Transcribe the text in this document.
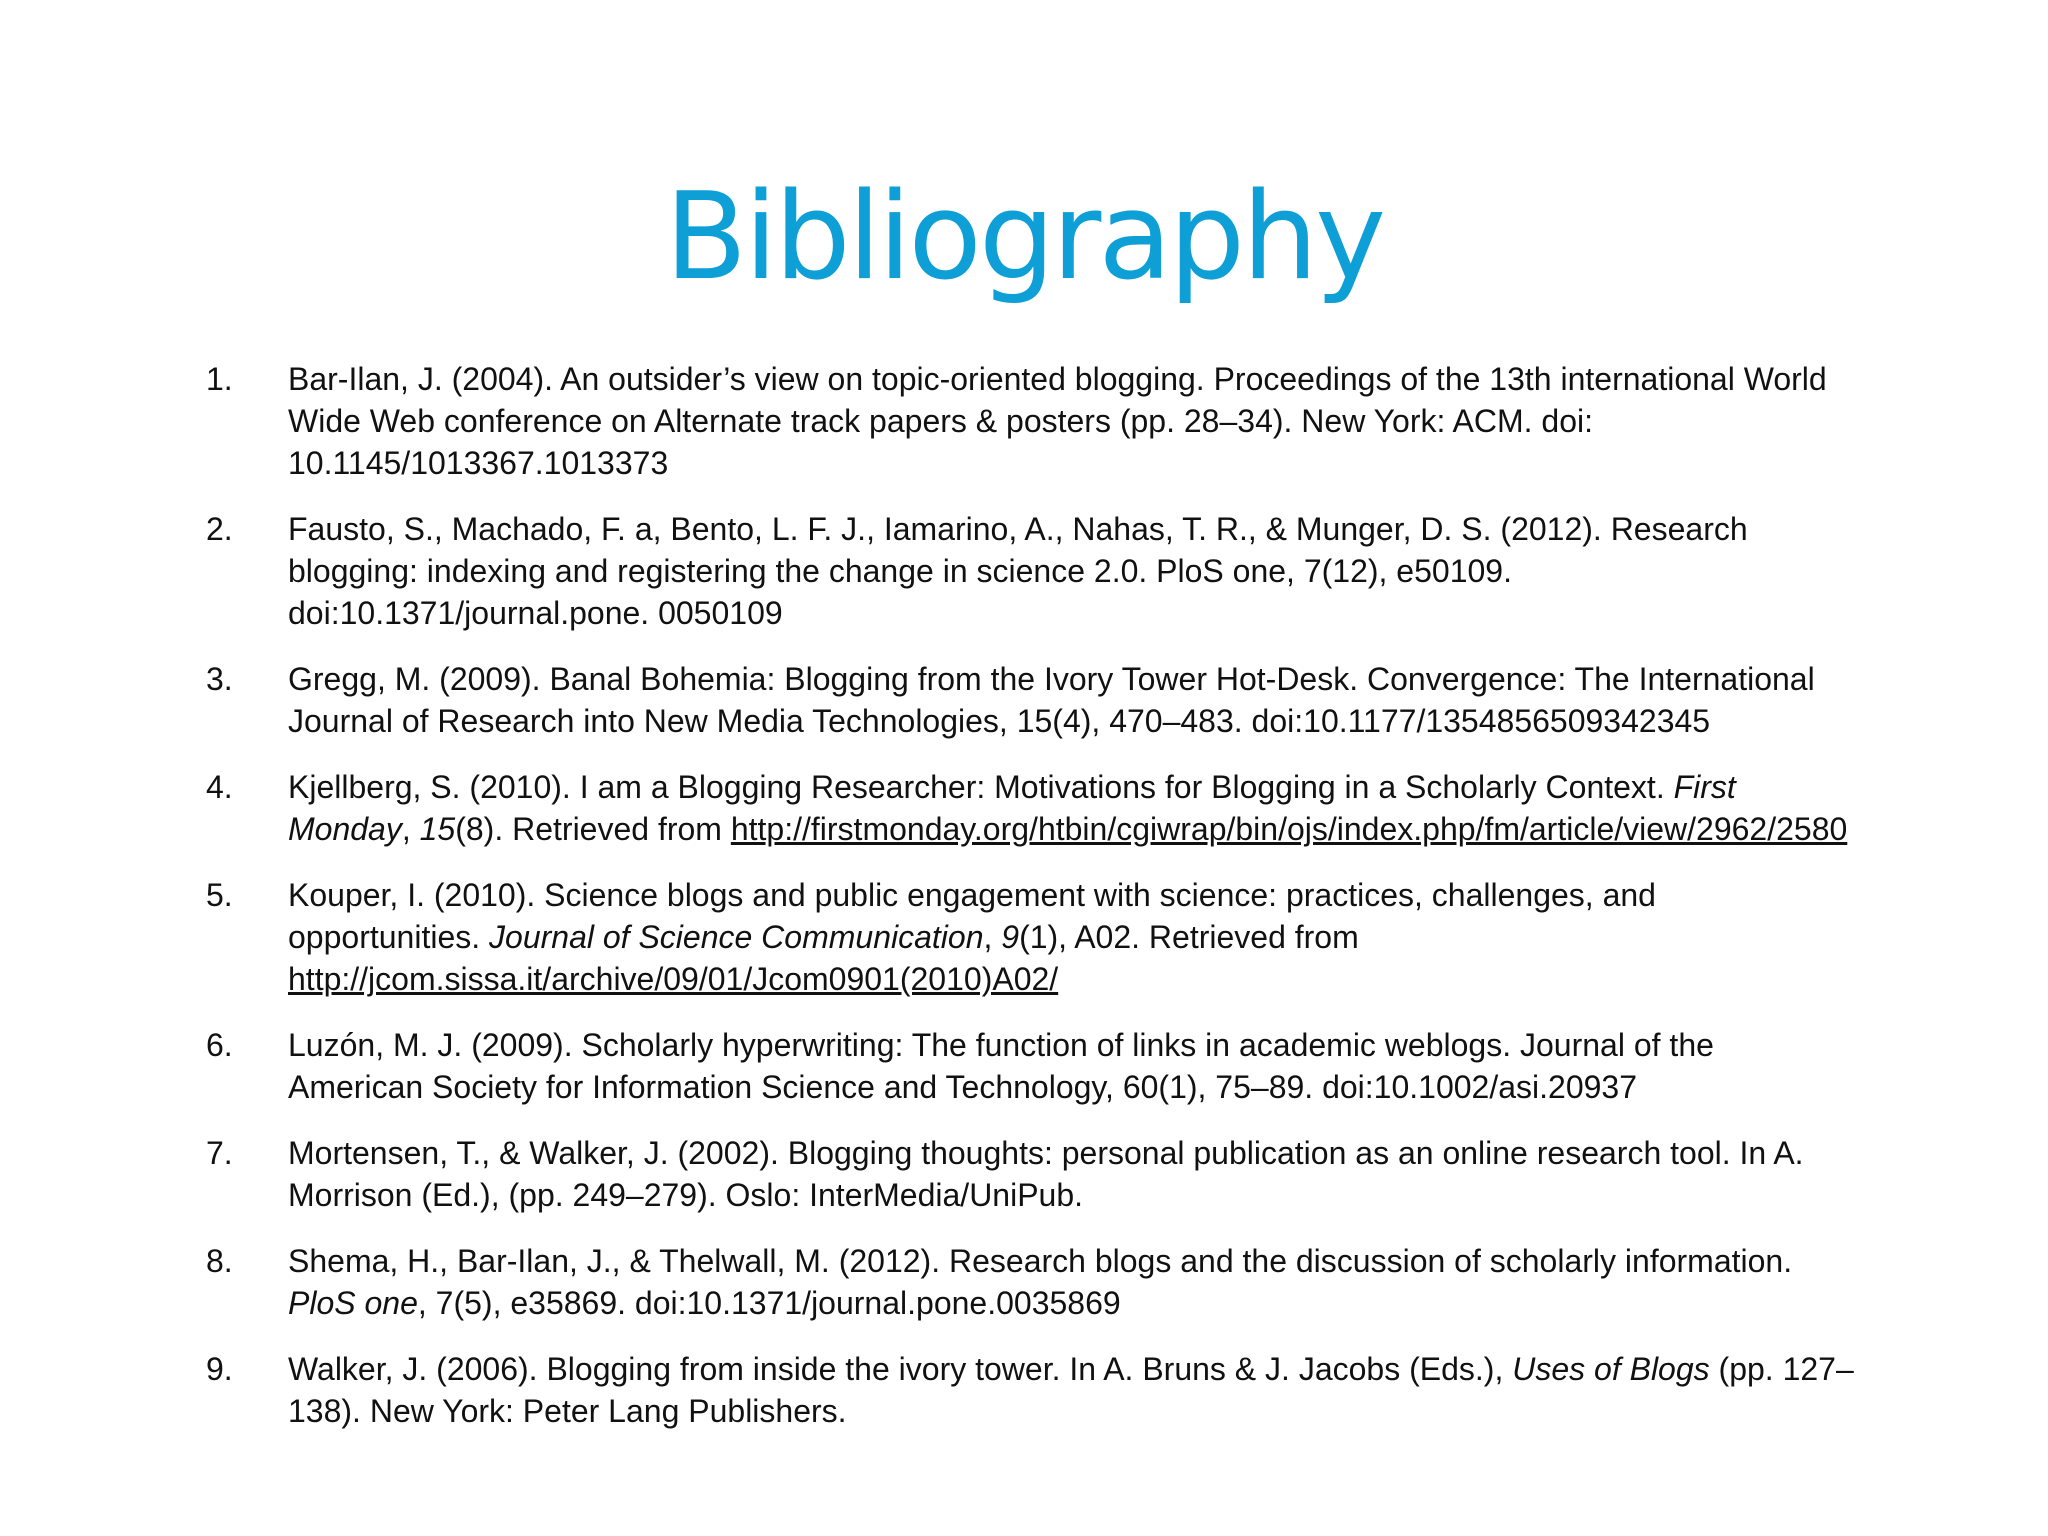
Bibliography
1.	Bar-Ilan, J. (2004). An outsider’s view on topic-oriented blogging. Proceedings of the 13th international World Wide Web conference on Alternate track papers & posters (pp. 28–34). New York: ACM. doi: 10.1145/1013367.1013373
2.	Fausto, S., Machado, F. a, Bento, L. F. J., Iamarino, A., Nahas, T. R., & Munger, D. S. (2012). Research blogging: indexing and registering the change in science 2.0. PloS one, 7(12), e50109. doi:10.1371/journal.pone. 0050109
3.	Gregg, M. (2009). Banal Bohemia: Blogging from the Ivory Tower Hot-Desk. Convergence: The International Journal of Research into New Media Technologies, 15(4), 470–483. doi:10.1177/1354856509342345
4.	Kjellberg, S. (2010). I am a Blogging Researcher: Motivations for Blogging in a Scholarly Context. First Monday, 15(8). Retrieved from http://firstmonday.org/htbin/cgiwrap/bin/ojs/index.php/fm/article/view/2962/2580
5.	Kouper, I. (2010). Science blogs and public engagement with science: practices, challenges, and opportunities. Journal of Science Communication, 9(1), A02. Retrieved from http://jcom.sissa.it/archive/09/01/Jcom0901(2010)A02/
6.	Luzón, M. J. (2009). Scholarly hyperwriting: The function of links in academic weblogs. Journal of the American Society for Information Science and Technology, 60(1), 75–89. doi:10.1002/asi.20937
7.	Mortensen, T., & Walker, J. (2002). Blogging thoughts: personal publication as an online research tool. In A. Morrison (Ed.), (pp. 249–279). Oslo: InterMedia/UniPub.
8.	Shema, H., Bar-Ilan, J., & Thelwall, M. (2012). Research blogs and the discussion of scholarly information. PloS one, 7(5), e35869. doi:10.1371/journal.pone.0035869
9.	Walker, J. (2006). Blogging from inside the ivory tower. In A. Bruns & J. Jacobs (Eds.), Uses of Blogs (pp. 127–138). New York: Peter Lang Publishers.
